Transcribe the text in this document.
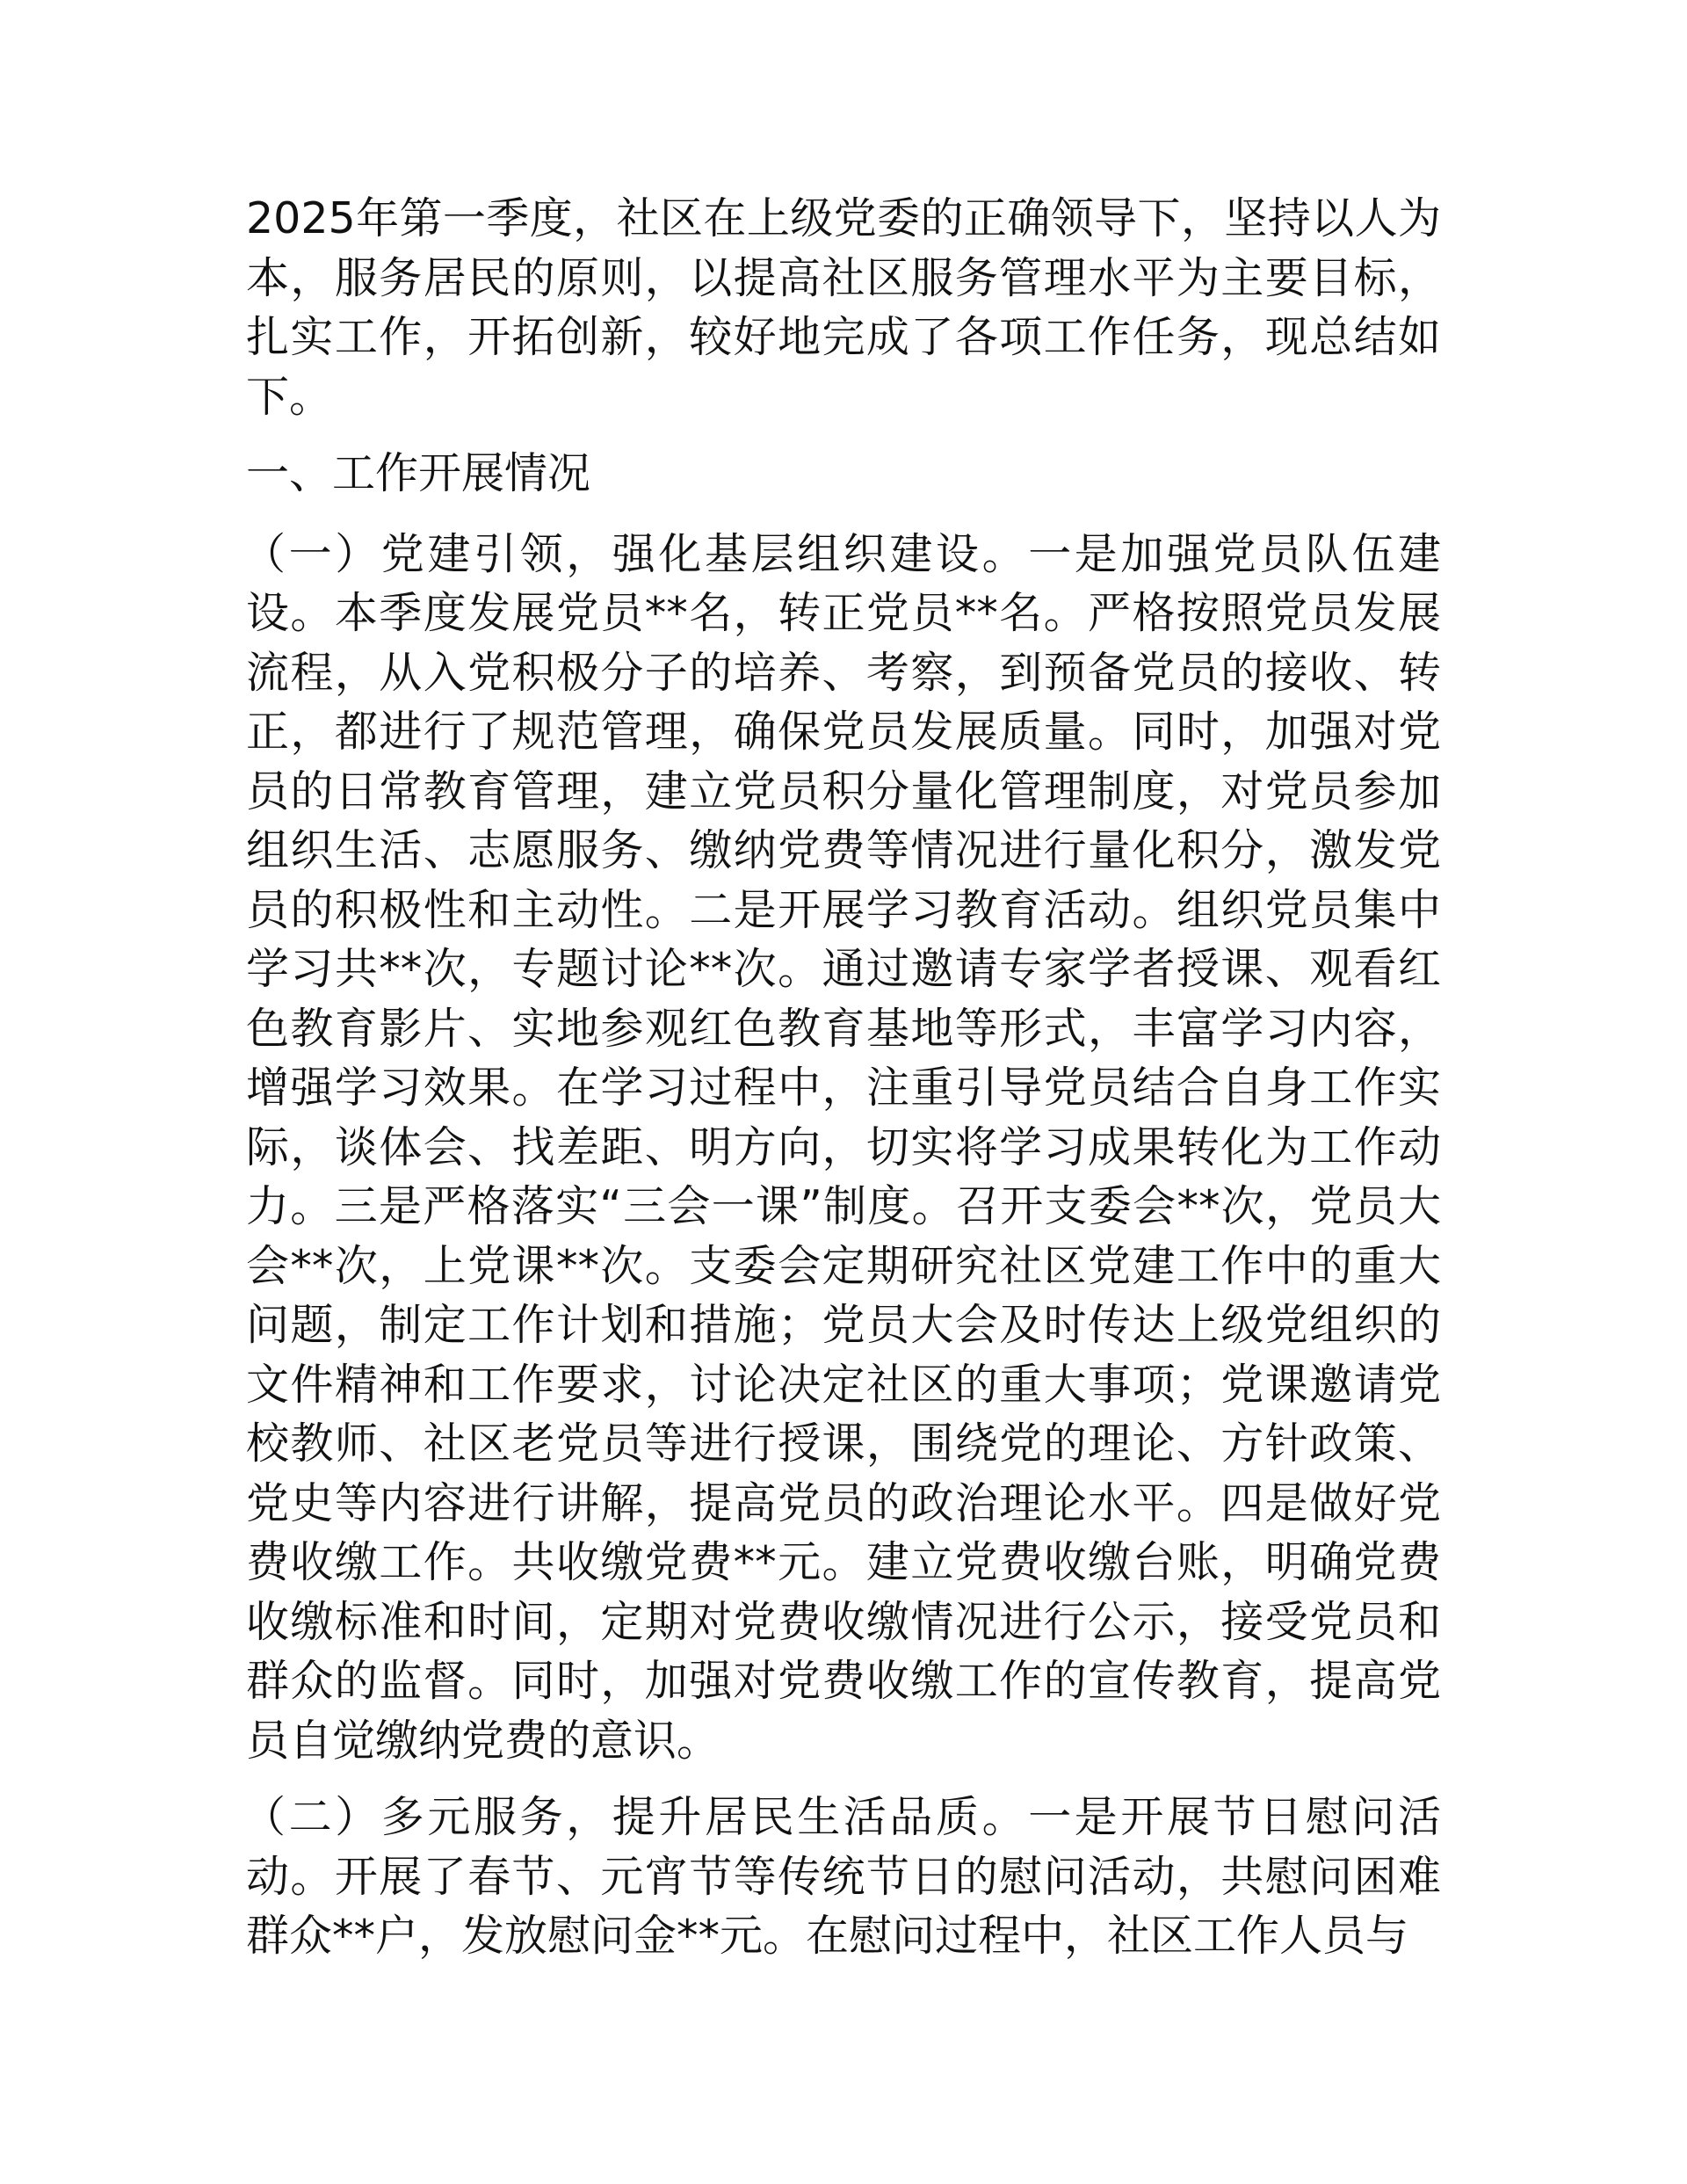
2025年第一季度，社区在上级党委的正确领导下，坚持以人为本，服务居民的原则，以提高社区服务管理水平为主要目标，扎实工作，开拓创新，较好地完成了各项工作任务，现总结如下。

一、工作开展情况

（一）党建引领，强化基层组织建设。一是加强党员队伍建设。本季度发展党员**名，转正党员**名。严格按照党员发展流程，从入党积极分子的培养、考察，到预备党员的接收、转正，都进行了规范管理，确保党员发展质量。同时，加强对党员的日常教育管理，建立党员积分量化管理制度，对党员参加组织生活、志愿服务、缴纳党费等情况进行量化积分，激发党员的积极性和主动性。二是开展学习教育活动。组织党员集中学习共**次，专题讨论**次。通过邀请专家学者授课、观看红色教育影片、实地参观红色教育基地等形式，丰富学习内容，增强学习效果。在学习过程中，注重引导党员结合自身工作实际，谈体会、找差距、明方向，切实将学习成果转化为工作动力。三是严格落实“三会一课”制度。召开支委会**次，党员大会**次，上党课**次。支委会定期研究社区党建工作中的重大问题，制定工作计划和措施；党员大会及时传达上级党组织的文件精神和工作要求，讨论决定社区的重大事项；党课邀请党校教师、社区老党员等进行授课，围绕党的理论、方针政策、党史等内容进行讲解，提高党员的政治理论水平。四是做好党费收缴工作。共收缴党费**元。建立党费收缴台账，明确党费收缴标准和时间，定期对党费收缴情况进行公示，接受党员和群众的监督。同时，加强对党费收缴工作的宣传教育，提高党员自觉缴纳党费的意识。

（二）多元服务，提升居民生活品质。一是开展节日慰问活动。开展了春节、元宵节等传统节日的慰问活动，共慰问困难群众**户，发放慰问金**元。在慰问过程中，社区工作人员与
